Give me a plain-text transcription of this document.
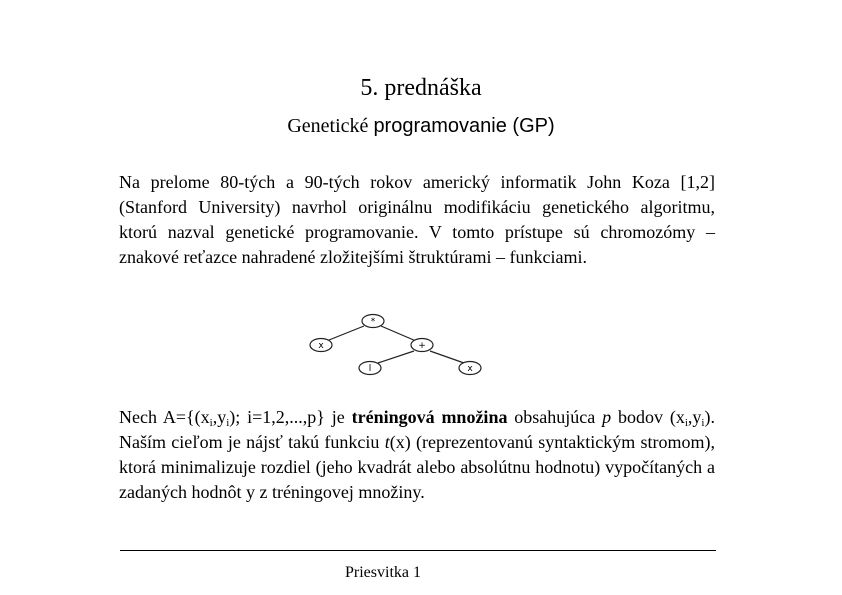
5. prednáška
Genetické programovanie (GP)
Na prelome 80-tých a 90-tých rokov americký informatik John Koza [1,2] (Stanford University) navrhol originálnu modifikáciu genetického algoritmu, ktorú nazval genetické programovanie. V tomto prístupe sú chromozómy – znakové reťazce nahradené zložitejšími štruktúrami – funkciami.
*
x	+
l	x
Nech $A=\{(x_i,y_i)$; i=1,2,...,p} je tréningová množina obsahujúca p bodov $(x_i,y_i)$. Naším cieľom je nájsť takú funkciu t(x) (reprezentovanú syntaktickým stromom), ktorá minimalizuje rozdiel (jeho kvadrát alebo absolútnu hodnotu) vypočítaných a zadaných hodnôt y z tréningovej množiny.
Priesvitka 1
